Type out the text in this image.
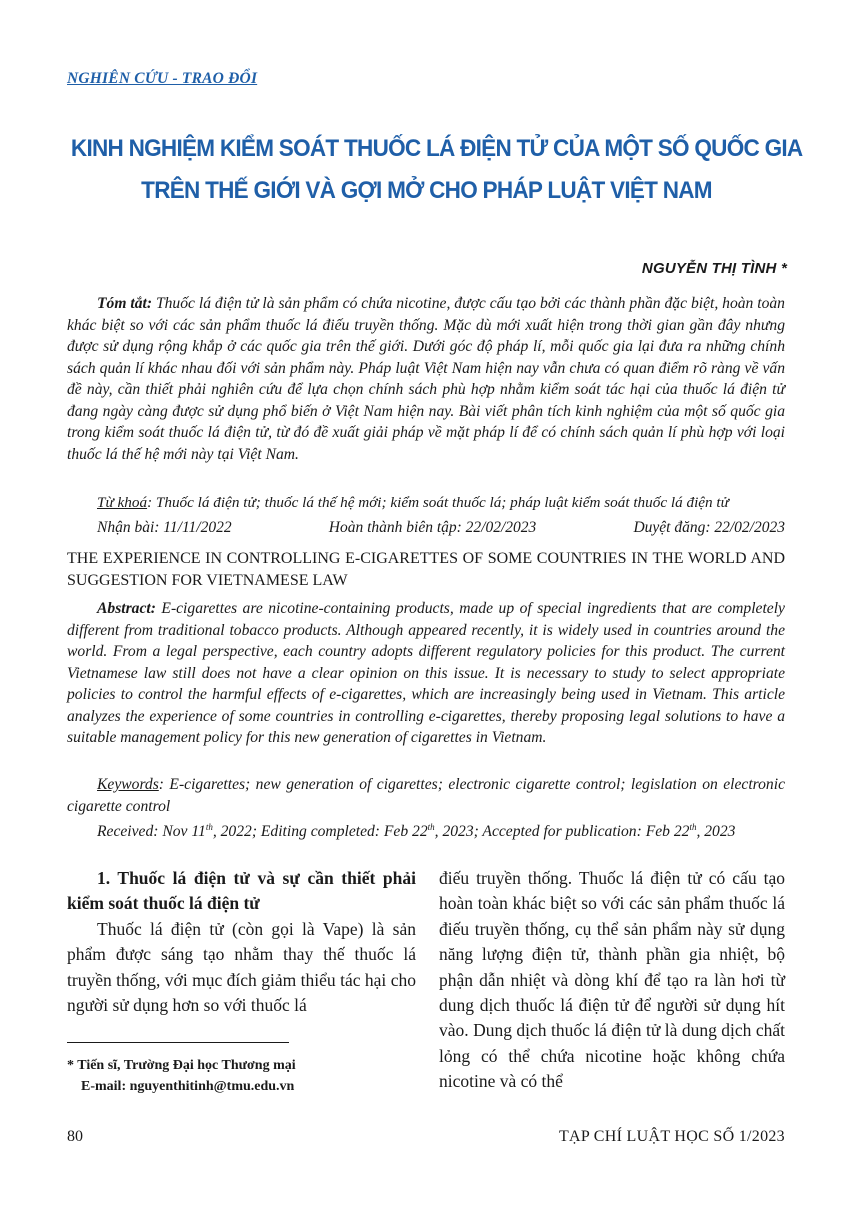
NGHIÊN CỨU - TRAO ĐỔI
KINH NGHIỆM KIỂM SOÁT THUỐC LÁ ĐIỆN TỬ CỦA MỘT SỐ QUỐC GIA
TRÊN THẾ GIỚI VÀ GỢI MỞ CHO PHÁP LUẬT VIỆT NAM
NGUYỄN THỊ TÌNH *
Tóm tắt: Thuốc lá điện tử là sản phẩm có chứa nicotine, được cấu tạo bởi các thành phần đặc biệt, hoàn toàn khác biệt so với các sản phẩm thuốc lá điếu truyền thống. Mặc dù mới xuất hiện trong thời gian gần đây nhưng được sử dụng rộng khắp ở các quốc gia trên thế giới. Dưới góc độ pháp lí, mỗi quốc gia lại đưa ra những chính sách quản lí khác nhau đối với sản phẩm này. Pháp luật Việt Nam hiện nay vẫn chưa có quan điểm rõ ràng về vấn đề này, cần thiết phải nghiên cứu để lựa chọn chính sách phù hợp nhằm kiểm soát tác hại của thuốc lá điện tử đang ngày càng được sử dụng phổ biến ở Việt Nam hiện nay. Bài viết phân tích kinh nghiệm của một số quốc gia trong kiểm soát thuốc lá điện tử, từ đó đề xuất giải pháp về mặt pháp lí để có chính sách quản lí phù hợp với loại thuốc lá thế hệ mới này tại Việt Nam.
Từ khoá: Thuốc lá điện tử; thuốc lá thế hệ mới; kiểm soát thuốc lá; pháp luật kiểm soát thuốc lá điện tử
Nhận bài: 11/11/2022	Hoàn thành biên tập: 22/02/2023	Duyệt đăng: 22/02/2023
THE EXPERIENCE IN CONTROLLING E-CIGARETTES OF SOME COUNTRIES IN THE WORLD AND SUGGESTION FOR VIETNAMESE LAW
Abstract: E-cigarettes are nicotine-containing products, made up of special ingredients that are completely different from traditional tobacco products. Although appeared recently, it is widely used in countries around the world. From a legal perspective, each country adopts different regulatory policies for this product. The current Vietnamese law still does not have a clear opinion on this issue. It is necessary to study to select appropriate policies to control the harmful effects of e-cigarettes, which are increasingly being used in Vietnam. This article analyzes the experience of some countries in controlling e-cigarettes, thereby proposing legal solutions to have a suitable management policy for this new generation of cigarettes in Vietnam.
Keywords: E-cigarettes; new generation of cigarettes; electronic cigarette control; legislation on electronic cigarette control
Received: Nov 11th, 2022; Editing completed: Feb 22th, 2023; Accepted for publication: Feb 22th, 2023

1. Thuốc lá điện tử và sự cần thiết phải kiểm soát thuốc lá điện tử

Thuốc lá điện tử (còn gọi là Vape) là sản phẩm được sáng tạo nhằm thay thế thuốc lá truyền thống, với mục đích giảm thiểu tác hại cho người sử dụng hơn so với thuốc lá

điếu truyền thống. Thuốc lá điện tử có cấu tạo hoàn toàn khác biệt so với các sản phẩm thuốc lá điếu truyền thống, cụ thể sản phẩm này sử dụng năng lượng điện tử, thành phần gia nhiệt, bộ phận dẫn nhiệt và dòng khí để tạo ra làn hơi từ dung dịch thuốc lá điện tử để người sử dụng hít vào. Dung dịch thuốc lá điện tử là dung dịch chất lỏng có thể chứa nicotine hoặc không chứa nicotine và có thể

* Tiến sĩ, Trường Đại học Thương mại
E-mail: nguyenthitinh@tmu.edu.vn
80	TẠP CHÍ LUẬT HỌC SỐ 1/2023
